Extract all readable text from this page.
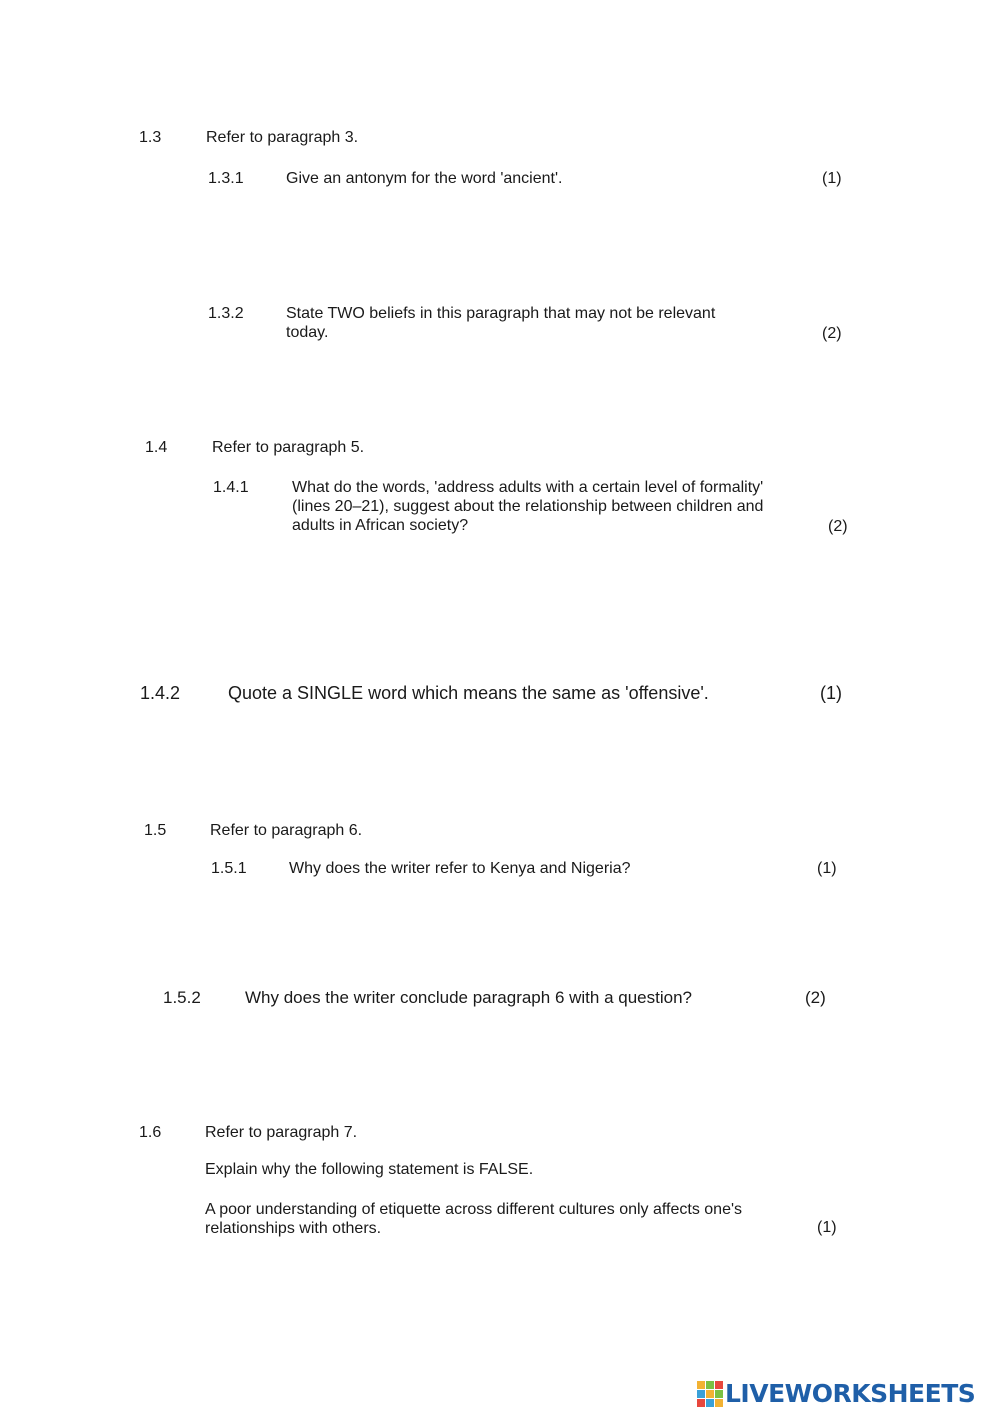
1.3	Refer to paragraph 3.
1.3.1	Give an antonym for the word 'ancient'.	(1)
1.3.2	State TWO beliefs in this paragraph that may not be relevant
today.	(2)
1.4	Refer to paragraph 5.
1.4.1	What do the words, 'address adults with a certain level of formality'
(lines 20–21), suggest about the relationship between children and
adults in African society?	(2)
1.4.2	Quote a SINGLE word which means the same as 'offensive'.	(1)
1.5	Refer to paragraph 6.
1.5.1	Why does the writer refer to Kenya and Nigeria?	(1)
1.5.2	Why does the writer conclude paragraph 6 with a question?	(2)
1.6	Refer to paragraph 7.
Explain why the following statement is FALSE.
A poor understanding of etiquette across different cultures only affects one's
relationships with others.	(1)
LIVEWORKSHEETS
